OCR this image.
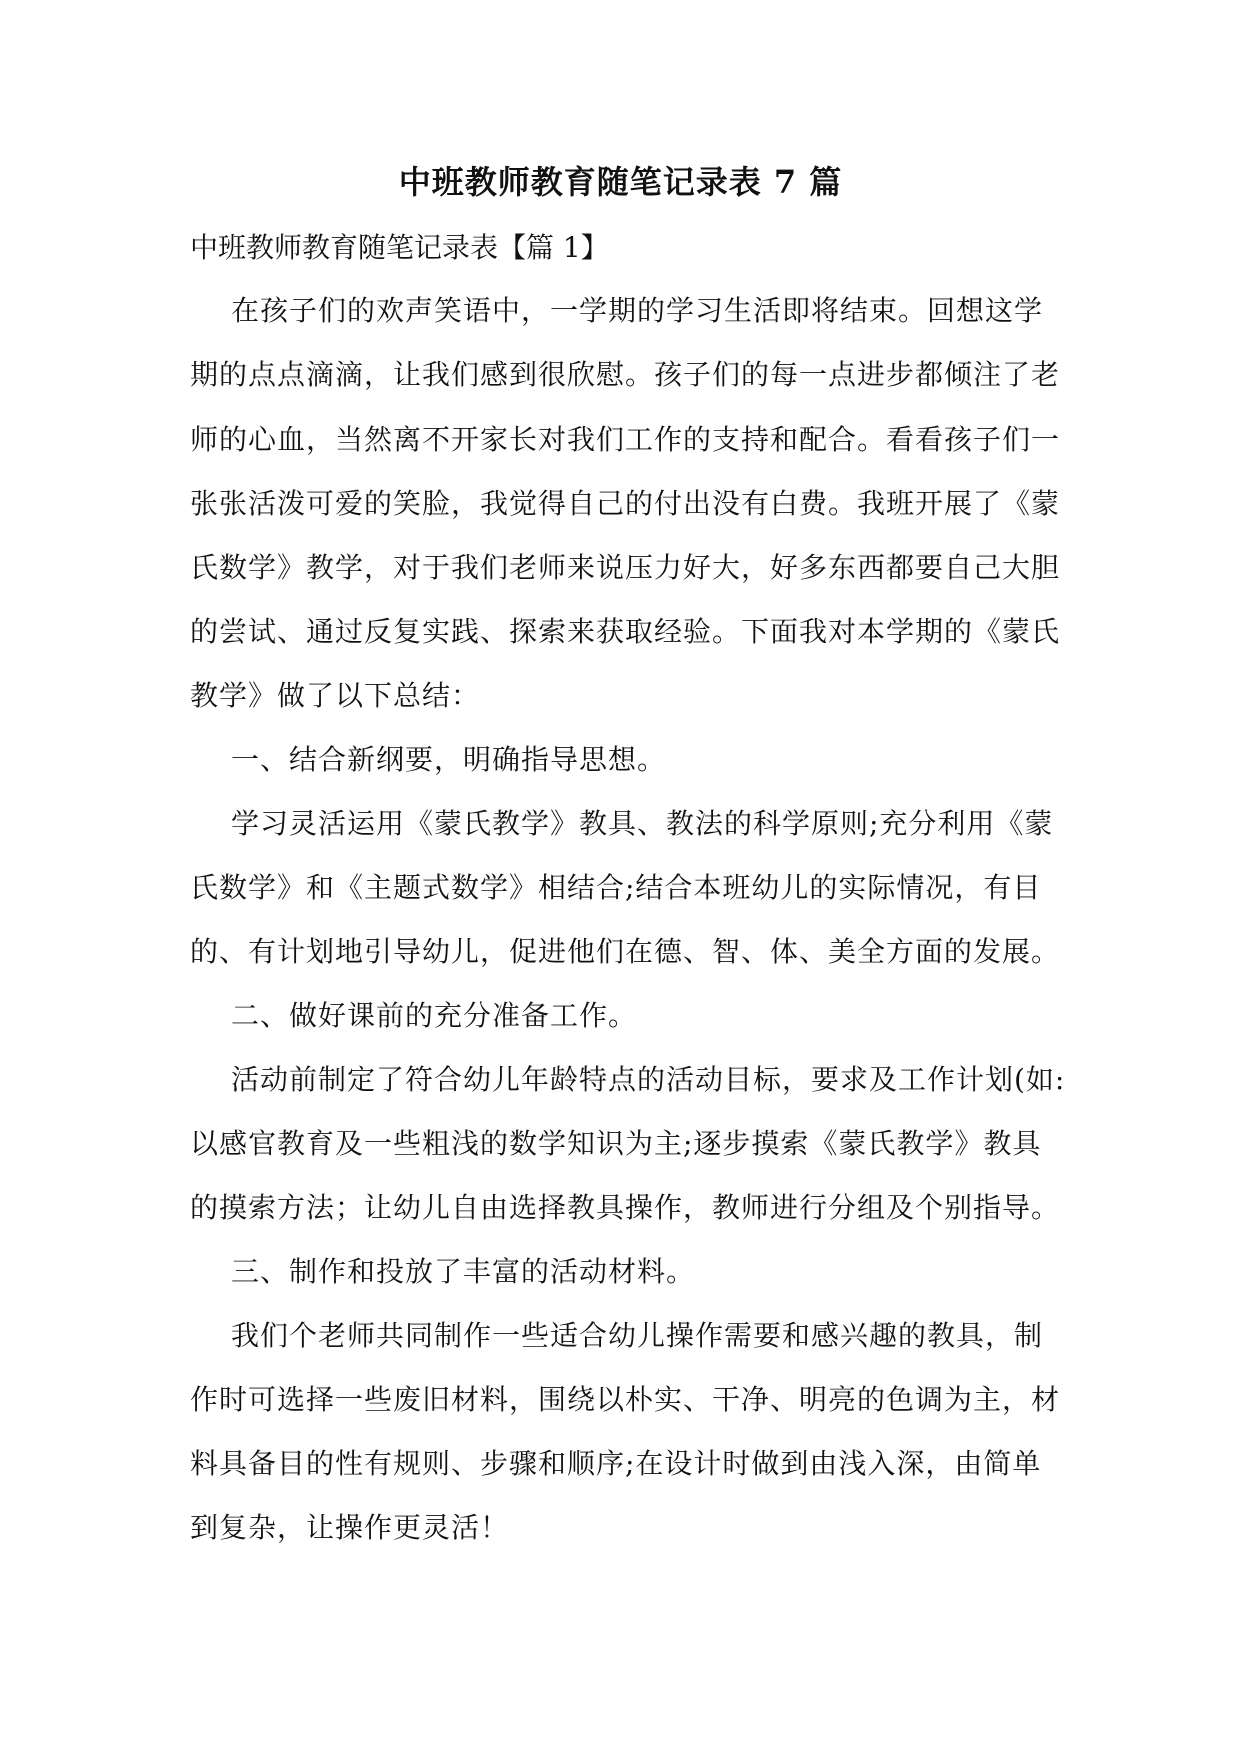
中班教师教育随笔记录表 7 篇
中班教师教育随笔记录表【篇 1】
在孩子们的欢声笑语中，一学期的学习生活即将结束。回想这学
期的点点滴滴，让我们感到很欣慰。孩子们的每一点进步都倾注了老
师的心血，当然离不开家长对我们工作的支持和配合。看看孩子们一
张张活泼可爱的笑脸，我觉得自己的付出没有白费。我班开展了《蒙
氏数学》教学，对于我们老师来说压力好大，好多东西都要自己大胆
的尝试、通过反复实践、探索来获取经验。下面我对本学期的《蒙氏
教学》做了以下总结：
一、结合新纲要，明确指导思想。
学习灵活运用《蒙氏教学》教具、教法的科学原则;充分利用《蒙
氏数学》和《主题式数学》相结合;结合本班幼儿的实际情况，有目
的、有计划地引导幼儿，促进他们在德、智、体、美全方面的发展。
二、做好课前的充分准备工作。
活动前制定了符合幼儿年龄特点的活动目标，要求及工作计划(如:
以感官教育及一些粗浅的数学知识为主;逐步摸索《蒙氏教学》教具
的摸索方法；让幼儿自由选择教具操作，教师进行分组及个别指导。
三、制作和投放了丰富的活动材料。
我们个老师共同制作一些适合幼儿操作需要和感兴趣的教具，制
作时可选择一些废旧材料，围绕以朴实、干净、明亮的色调为主，材
料具备目的性有规则、步骤和顺序;在设计时做到由浅入深，由简单
到复杂，让操作更灵活！
